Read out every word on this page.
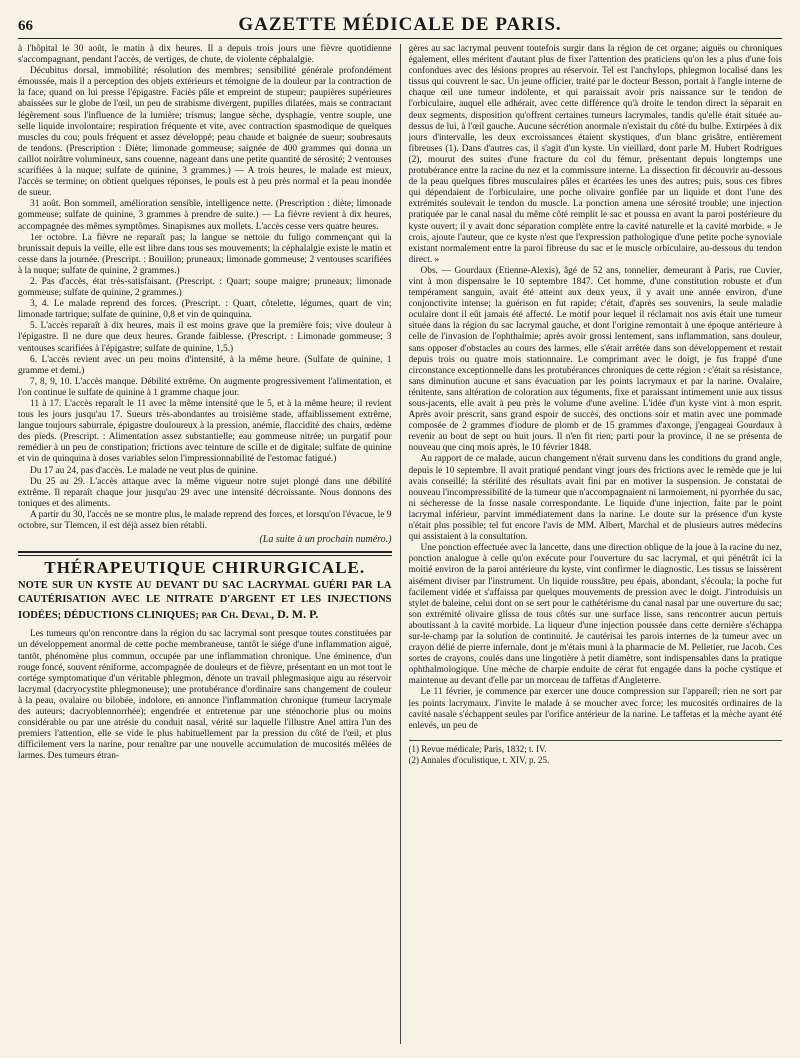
66	GAZETTE MÉDICALE DE PARIS.

à l'hôpital le 30 août, le matin à dix heures. Il a depuis trois jours une fièvre quotidienne s'accompagnant, pendant l'accès, de vertiges, de chute, de violente céphalalgie.

Décubitus dorsal, immobilité; résolution des membres; sensibilité générale profondément émoussée, mais il a perception des objets extérieurs et témoigne de la douleur par la contraction de la face, quand on lui presse l'épigastre. Faciès pâle et empreint de stupeur; paupières supérieures abaissées sur le globe de l'œil, un peu de strabisme divergent, pupilles dilatées, mais se contractant légèrement sous l'influence de la lumière; trismus; langue sèche, dysphagie, ventre souple, une selle liquide involontaire; respiration fréquente et vite, avec contraction spasmodique de quelques muscles du cou; pouls fréquent et assez développé; peau chaude et baignée de sueur; soubresauts de tendons. (Prescription : Diète; limonade gommeuse; saignée de 400 grammes qui donna un caillot noirâtre volumineux, sans couenne, nageant dans une petite quantité de sérosité; 2 ventouses scarifiées à la nuque; sulfate de quinine, 3 grammes.) — A trois heures, le malade est mieux, l'accès se termine; on obtient quelques réponses, le pouls est à peu près normal et la peau inondée de sueur.

31 août. Bon sommeil, amélioration sensible, intelligence nette. (Prescription : diète; limonade gommeuse; sulfate de quinine, 3 grammes à prendre de suite.) — La fièvre revient à dix heures, accompagnée des mêmes symptômes. Sinapismes aux mollets. L'accès cesse vers quatre heures.

1er octobre. La fièvre ne reparaît pas; la langue se nettoie du fuligo commençant qui la brunissait depuis la veille, elle est libre dans tous ses mouvements; la céphalalgie existe le matin et cesse dans la journée. (Prescript. : Bouillon; pruneaux; limonade gommeuse; 2 ventouses scarifiées à la nuque; sulfate de quinine, 2 grammes.)

2. Pas d'accès, état très-satisfaisant. (Prescript. : Quart; soupe maigre; pruneaux; limonade gommeuse; sulfate de quinine, 2 grammes.)

3, 4. Le malade reprend des forces. (Prescript. : Quart, côtelette, légumes, quart de vin; limonade tartrique; sulfate de quinine, 0,8 et vin de quinquina.

5. L'accès reparaît à dix heures, mais il est moins grave que la première fois; vive douleur à l'épigastre. Il ne dure que deux heures. Grande faiblesse. (Prescript. : Limonade gommeuse; 3 ventouses scarifiées à l'épigastre; sulfate de quinine, 1,5.)

6. L'accès revient avec un peu moins d'intensité, à la même heure. (Sulfate de quinine, 1 gramme et demi.)

7, 8, 9, 10. L'accès manque. Débilité extrême. On augmente progressivement l'alimentation, et l'on continue le sulfate de quinine à 1 gramme chaque jour.

11 à 17. L'accès reparaît le 11 avec la même intensité que le 5, et à la même heure; il revient tous les jours jusqu'au 17. Sueurs très-abondantes au troisième stade, affaiblissement extrême, langue toujours saburrale, épigastre douloureux à la pression, anémie, flaccidité des chairs, œdème des pieds. (Prescript. : Alimentation assez substantielle; eau gommeuse nitrée; un purgatif pour remédier à un peu de constipation; frictions avec teinture de scille et de digitale; sulfate de quinine et vin de quinquina à doses variables selon l'impressionnabilité de l'estomac fatigué.)

Du 17 au 24, pas d'accès. Le malade ne veut plus de quinine.

Du 25 au 29. L'accès attaque avec la même vigueur notre sujet plongé dans une débilité extrême. Il reparaît chaque jour jusqu'au 29 avec une intensité décroissante. Nous donnons des toniques et des aliments.

A partir du 30, l'accès ne se montre plus, le malade reprend des forces, et lorsqu'on l'évacue, le 9 octobre, sur Tlemcen, il est déjà assez bien rétabli.

(La suite à un prochain numéro.)
THÉRAPEUTIQUE CHIRURGICALE.
NOTE SUR UN KYSTE AU DEVANT DU SAC LACRYMAL GUÉRI PAR LA CAUTÉRISATION AVEC LE NITRATE D'ARGENT ET LES INJECTIONS IODÉES; DÉDUCTIONS CLINIQUES; par Ch. Deval, D. M. P.

Les tumeurs qu'on rencontre dans la région du sac lacrymal sont presque toutes constituées par un développement anormal de cette poche membraneuse, tantôt le siége d'une inflammation aiguë, tantôt, phénomène plus commun, occupée par une inflammation chronique. Une éminence, d'un rouge foncé, souvent réniforme, accompagnée de douleurs et de fièvre, présentant en un mot tout le cortége symptomatique d'un véritable phlegmon, dénote un travail phlegmasique aigu au réservoir lacrymal (dacryocystite phlegmoneuse); une protubérance d'ordinaire sans changement de couleur à la peau, ovalaire ou bilobée, indolore, en annonce l'inflammation chronique (tumeur lacrymale des auteurs; dacryoblennorrhée); engendrée et entretenue par une sténochorie plus ou moins considérable ou par une atrésie du conduit nasal, vérité sur laquelle l'illustre Anel attira l'un des premiers l'attention, elle se vide le plus habituellement par la pression du côté de l'œil, et plus difficilement vers la narine, pour renaître par une nouvelle accumulation de mucosités mêlées de larmes. Des tumeurs étran-

gères au sac lacrymal peuvent toutefois surgir dans la région de cet organe; aiguës ou chroniques également, elles méritent d'autant plus de fixer l'attention des praticiens qu'on les a plus d'une fois confondues avec des lésions propres au réservoir. Tel est l'anchylops, phlegmon localisé dans les tissus qui couvrent le sac. Un jeune officier, traité par le docteur Besson, portait à l'angle interne de chaque œil une tumeur indolente, et qui paraissait avoir pris naissance sur le tendon de l'orbiculaire, auquel elle adhérait, avec cette différence qu'à droite le tendon direct la séparait en deux segments, disposition qu'offrent certaines tumeurs lacrymales, tandis qu'elle était située au-dessus de lui, à l'œil gauche. Aucune sécrétion anormale n'existait du côté du bulbe. Extirpées à dix jours d'intervalle, les deux excroissances étaient skystiques, d'un blanc grisâtre, entièrement fibreuses (1). Dans d'autres cas, il s'agit d'un kyste. Un vieillard, dont parle M. Hubert Rodrigues (2), mourut des suites d'une fracture du col du fémur, présentant depuis longtemps une protubérance entre la racine du nez et la commissure interne. La dissection fit découvrir au-dessous de la peau quelques fibres musculaires pâles et écartées les unes des autres; puis, sous ces fibres qui dépendaient de l'orbiculaire, une poche olivaire gonflée par un liquide et dont l'une des extrémités soulevait le tendon du muscle. La ponction amena une sérosité trouble; une injection pratiquée par le canal nasal du même côté remplit le sac et poussa en avant la paroi postérieure du kyste ouvert; il y avait donc séparation complète entre la cavité naturelle et la cavité morbide. « Je crois, ajoute l'auteur, que ce kyste n'est que l'expression pathologique d'une petite poche synoviale existant normalement entre la paroi fibreuse du sac et le muscle orbiculaire, au-dessous du tendon direct. »

Obs. — Gourdaux (Etienne-Alexis), âgé de 52 ans, tonnelier, demeurant à Paris, rue Cuvier, vint à mon dispensaire le 10 septembre 1847. Cet homme, d'une constitution robuste et d'un tempérament sanguin, avait été atteint aux deux yeux, il y avait une année environ, d'une conjonctivite intense; la guérison en fut rapide; c'était, d'après ses souvenirs, la seule maladie oculaire dont il eût jamais été affecté. Le motif pour lequel il réclamait nos avis était une tumeur située dans la région du sac lacrymal gauche, et dont l'origine remontait à une époque antérieure à celle de l'invasion de l'ophthalmie; après avoir grossi lentement, sans inflammation, sans douleur, sans opposer d'obstacles au cours des larmes, elle s'était arrêtée dans son développement et restait depuis trois ou quatre mois stationnaire. Le comprimant avec le doigt, je fus frappé d'une circonstance exceptionnelle dans les protubérances chroniques de cette région : c'était sa résistance, sans diminution aucune et sans évacuation par les points lacrymaux et par la narine. Ovalaire, rénitente, sans altération de coloration aux téguments, fixe et paraissant intimement unie aux tissus sous-jacents, elle avait à peu près le volume d'une aveline. L'idée d'un kyste vint à mon esprit. Après avoir prescrit, sans grand espoir de succès, des onctions soir et matin avec une pommade composée de 2 grammes d'iodure de plomb et de 15 grammes d'axonge, j'engageai Gourdaux à revenir au bout de sept ou huit jours. Il n'en fit rien; parti pour la province, il ne se présenta de nouveau que cinq mois après, le 10 février 1848.

Au rapport de ce malade, aucun changement n'était survenu dans les conditions du grand angle, depuis le 10 septembre. Il avait pratiqué pendant vingt jours des frictions avec le remède que je lui avais conseillé; la stérilité des résultats avait fini par en motiver la suspension. Je constatai de nouveau l'incompressibilité de la tumeur que n'accompagnaient ni larmoiement, ni pyorrhée du sac, ni sécheresse de la fosse nasale correspondante. Le liquide d'une injection, faite par le point lacrymal inférieur, parvint immédiatement dans la narine. Le doute sur la présence d'un kyste n'était plus possible; tel fut encore l'avis de MM. Albert, Marchal et de plusieurs autres médecins qui assistaient à la consultation.

Une ponction effectuée avec la lancette, dans une direction oblique de la joue à la racine du nez, ponction analogue à celle qu'on exécute pour l'ouverture du sac lacrymal, et qui pénétrât ici la moitié environ de la paroi antérieure du kyste, vint confirmer le diagnostic. Les tissus se laissèrent aisément diviser par l'instrument. Un liquide roussâtre, peu épais, abondant, s'écoula; la poche fut facilement vidée et s'affaissa par quelques mouvements de pression avec le doigt. J'introduisis un stylet de baleine, celui dont on se sert pour le cathétérisme du canal nasal par une ouverture du sac; son extrémité olivaire glissa de tous côtés sur une surface lisse, sans rencontrer aucun pertuis aboutissant à la cavité morbide. La liqueur d'une injection poussée dans cette dernière s'échappa sur-le-champ par la solution de continuité. Je cautérisai les parois internes de la tumeur avec un crayon délié de pierre infernale, dont je m'étais muni à la pharmacie de M. Pelletier, rue Jacob. Ces sortes de crayons, coulés dans une lingotière à petit diamètre, sont indispensables dans la pratique ophthalmologique. Une mèche de charpie enduite de cérat fut engagée dans la poche cystique et maintenue au devant d'elle par un morceau de taffetas d'Angleterre.

Le 11 février, je commence par exercer une douce compression sur l'appareil; rien ne sort par les points lacrymaux. J'invite le malade à se moucher avec force; les mucosités ordinaires de la cavité nasale s'échappent seules par l'orifice antérieur de la narine. Le taffetas et la mèche ayant été enlevés, un peu de

(1) Revue médicale; Paris, 1832; t. IV.
(2) Annales d'oculistique, t. XIV, p. 25.
